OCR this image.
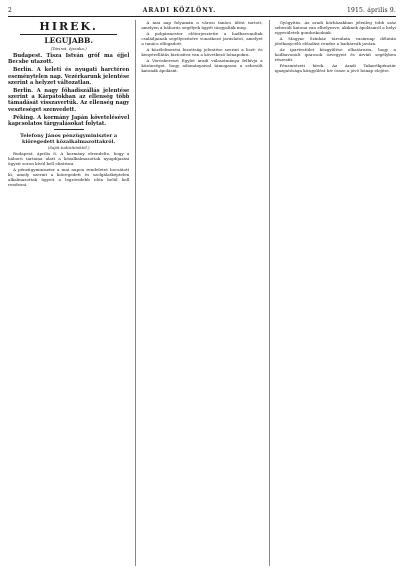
2	ARADI KÖZLÖNY.	1915. április 9.
HIREK.
LEGUJABB.
(Távirat, éjszaka.)
Budapest. Tisza István gróf ma éjjel Becsbe utazott.
Berlin. A keleti és nyugati harctéren eseménytelen nap. Vezérkarunk jelentése szerint a helyzet változatlan.
Berlin. A nagy főhadiszállás jelentése szerint a Kárpátokban az ellenség több támadását visszavertük. Az ellenség nagy veszteséget szenvedett.
Péking. A kormány Japán követelésével kapcsolatos tárgyalásokat folytat.
Telefony János pénzügyminiszter a kiöregedett közalkalmazottakról.
(Saját tudósítónktól.)
Budapest, április 8. A kormány elrendelte, hogy a háború tartama alatt a közalkalmazottak nyugdíjazási ügyeit soron kívül kell elintézni.
A pénzügyminiszter a mai napon rendeletet bocsátott ki, amely szerint a kiöregedett és szolgálatképtelen alkalmazottak ügyeit a legrövidebb időn belül kell rendezni.
A mai nap folyamán a városi tanács ülést tartott, amelyen a háborús segélyek ügyét tárgyalták meg.
A polgármester előterjesztette a hadbavonultak családjainak segélyezésére vonatkozó javaslatot, amelyet a tanács elfogadott.
A közélelmezési bizottság jelentése szerint a liszt- és kenyérellátás biztosítva van a következő hónapokra.
A Vöröskereszt Egylet aradi választmánya felhívja a közönséget, hogy adományaival támogassa a sebesült katonák ápolását.
Gyógyítás. Az aradi kórházakban jelenleg több száz sebesült katona van elhelyezve, akiknek ápolásáról a helyi egyesületek gondoskodnak.
A Magyar Színház társulata vasárnap délután jótékonycélú előadást rendez a hadiárvák javára.
Az ipartestület közgyűlése elhatározta, hogy a hadbavonult iparosok özvegyeit és árváit segélyben részesíti.
Pénzintézeti hírek. Az Aradi Takarékpénztár igazgatósága közgyűlést hív össze a jövő hónap elejére.
